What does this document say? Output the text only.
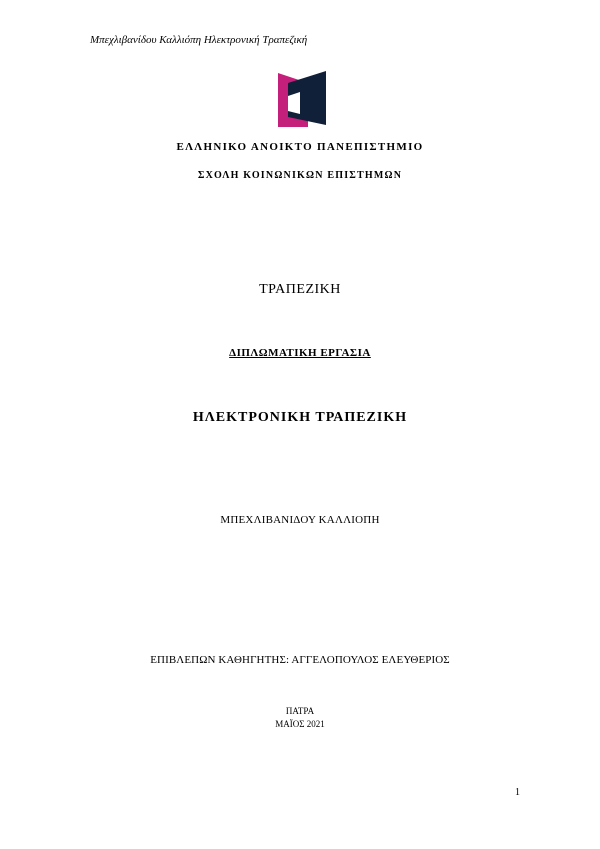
Μπεχλιβανίδου Καλλιόπη Ηλεκτρονική Τραπεζική
ΕΛΛΗΝΙΚΟ ΑΝΟΙΚΤΟ ΠΑΝΕΠΙΣΤΗΜΙΟ
ΣΧΟΛΗ ΚΟΙΝΩΝΙΚΩΝ ΕΠΙΣΤΗΜΩΝ
ΤΡΑΠΕΖΙΚΗ
ΔΙΠΛΩΜΑΤΙΚΗ ΕΡΓΑΣΙΑ
ΗΛΕΚΤΡΟΝΙΚΗ ΤΡΑΠΕΖΙΚΗ
ΜΠΕΧΛΙΒΑΝΙΔΟΥ ΚΑΛΛΙΟΠΗ
ΕΠΙΒΛΕΠΩΝ ΚΑΘΗΓΗΤΗΣ: ΑΓΓΕΛΟΠΟΥΛΟΣ ΕΛΕΥΘΕΡΙΟΣ
ΠΑΤΡΑ
ΜΑΪΟΣ 2021
1
